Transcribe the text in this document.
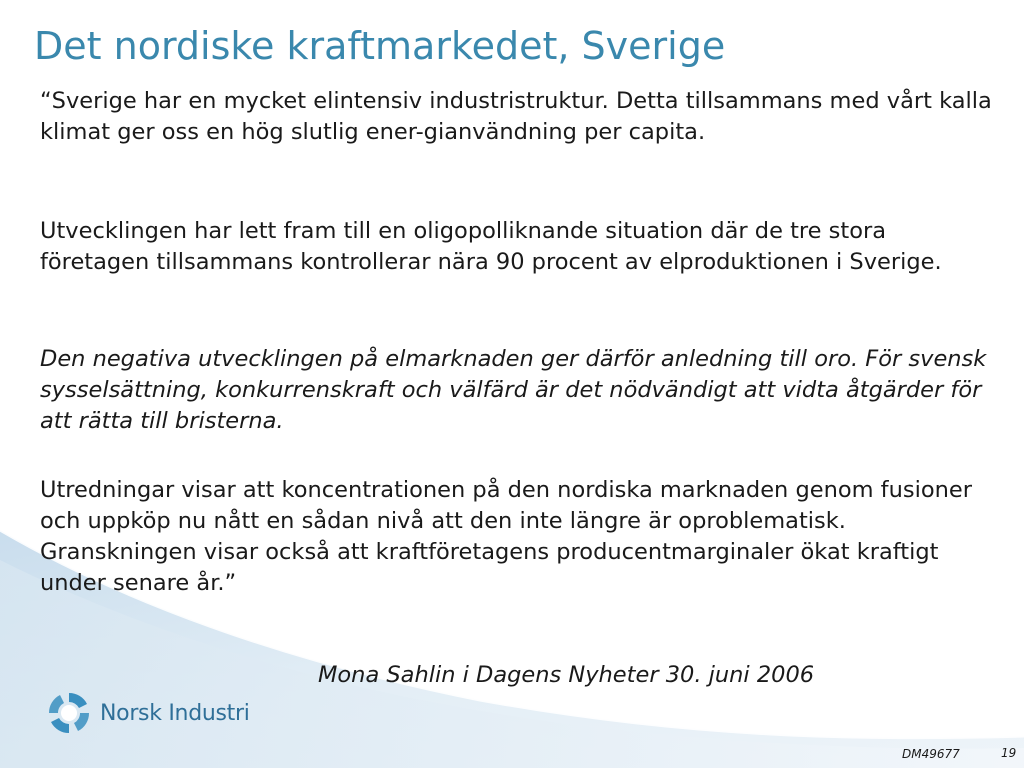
Det nordiske kraftmarkedet, Sverige

“Sverige har en mycket elintensiv industristruktur. Detta tillsammans med vårt kalla klimat ger oss en hög slutlig ener-gianvändning per capita.

Utvecklingen har lett fram till en oligopolliknande situation där de tre stora företagen tillsammans kontrollerar nära 90 procent av elproduktionen i Sverige.

Den negativa utvecklingen på elmarknaden ger därför anledning till oro. För svensk sysselsättning, konkurrenskraft och välfärd är det nödvändigt att vidta åtgärder för att rätta till bristerna.

Utredningar visar att koncentrationen på den nordiska marknaden genom fusioner och uppköp nu nått en sådan nivå att den inte längre är oproblematisk. Granskningen visar också att kraftföretagens producentmarginaler ökat kraftigt under senare år.”

Mona Sahlin i Dagens Nyheter 30. juni 2006

Norsk Industri
DM49677	19
